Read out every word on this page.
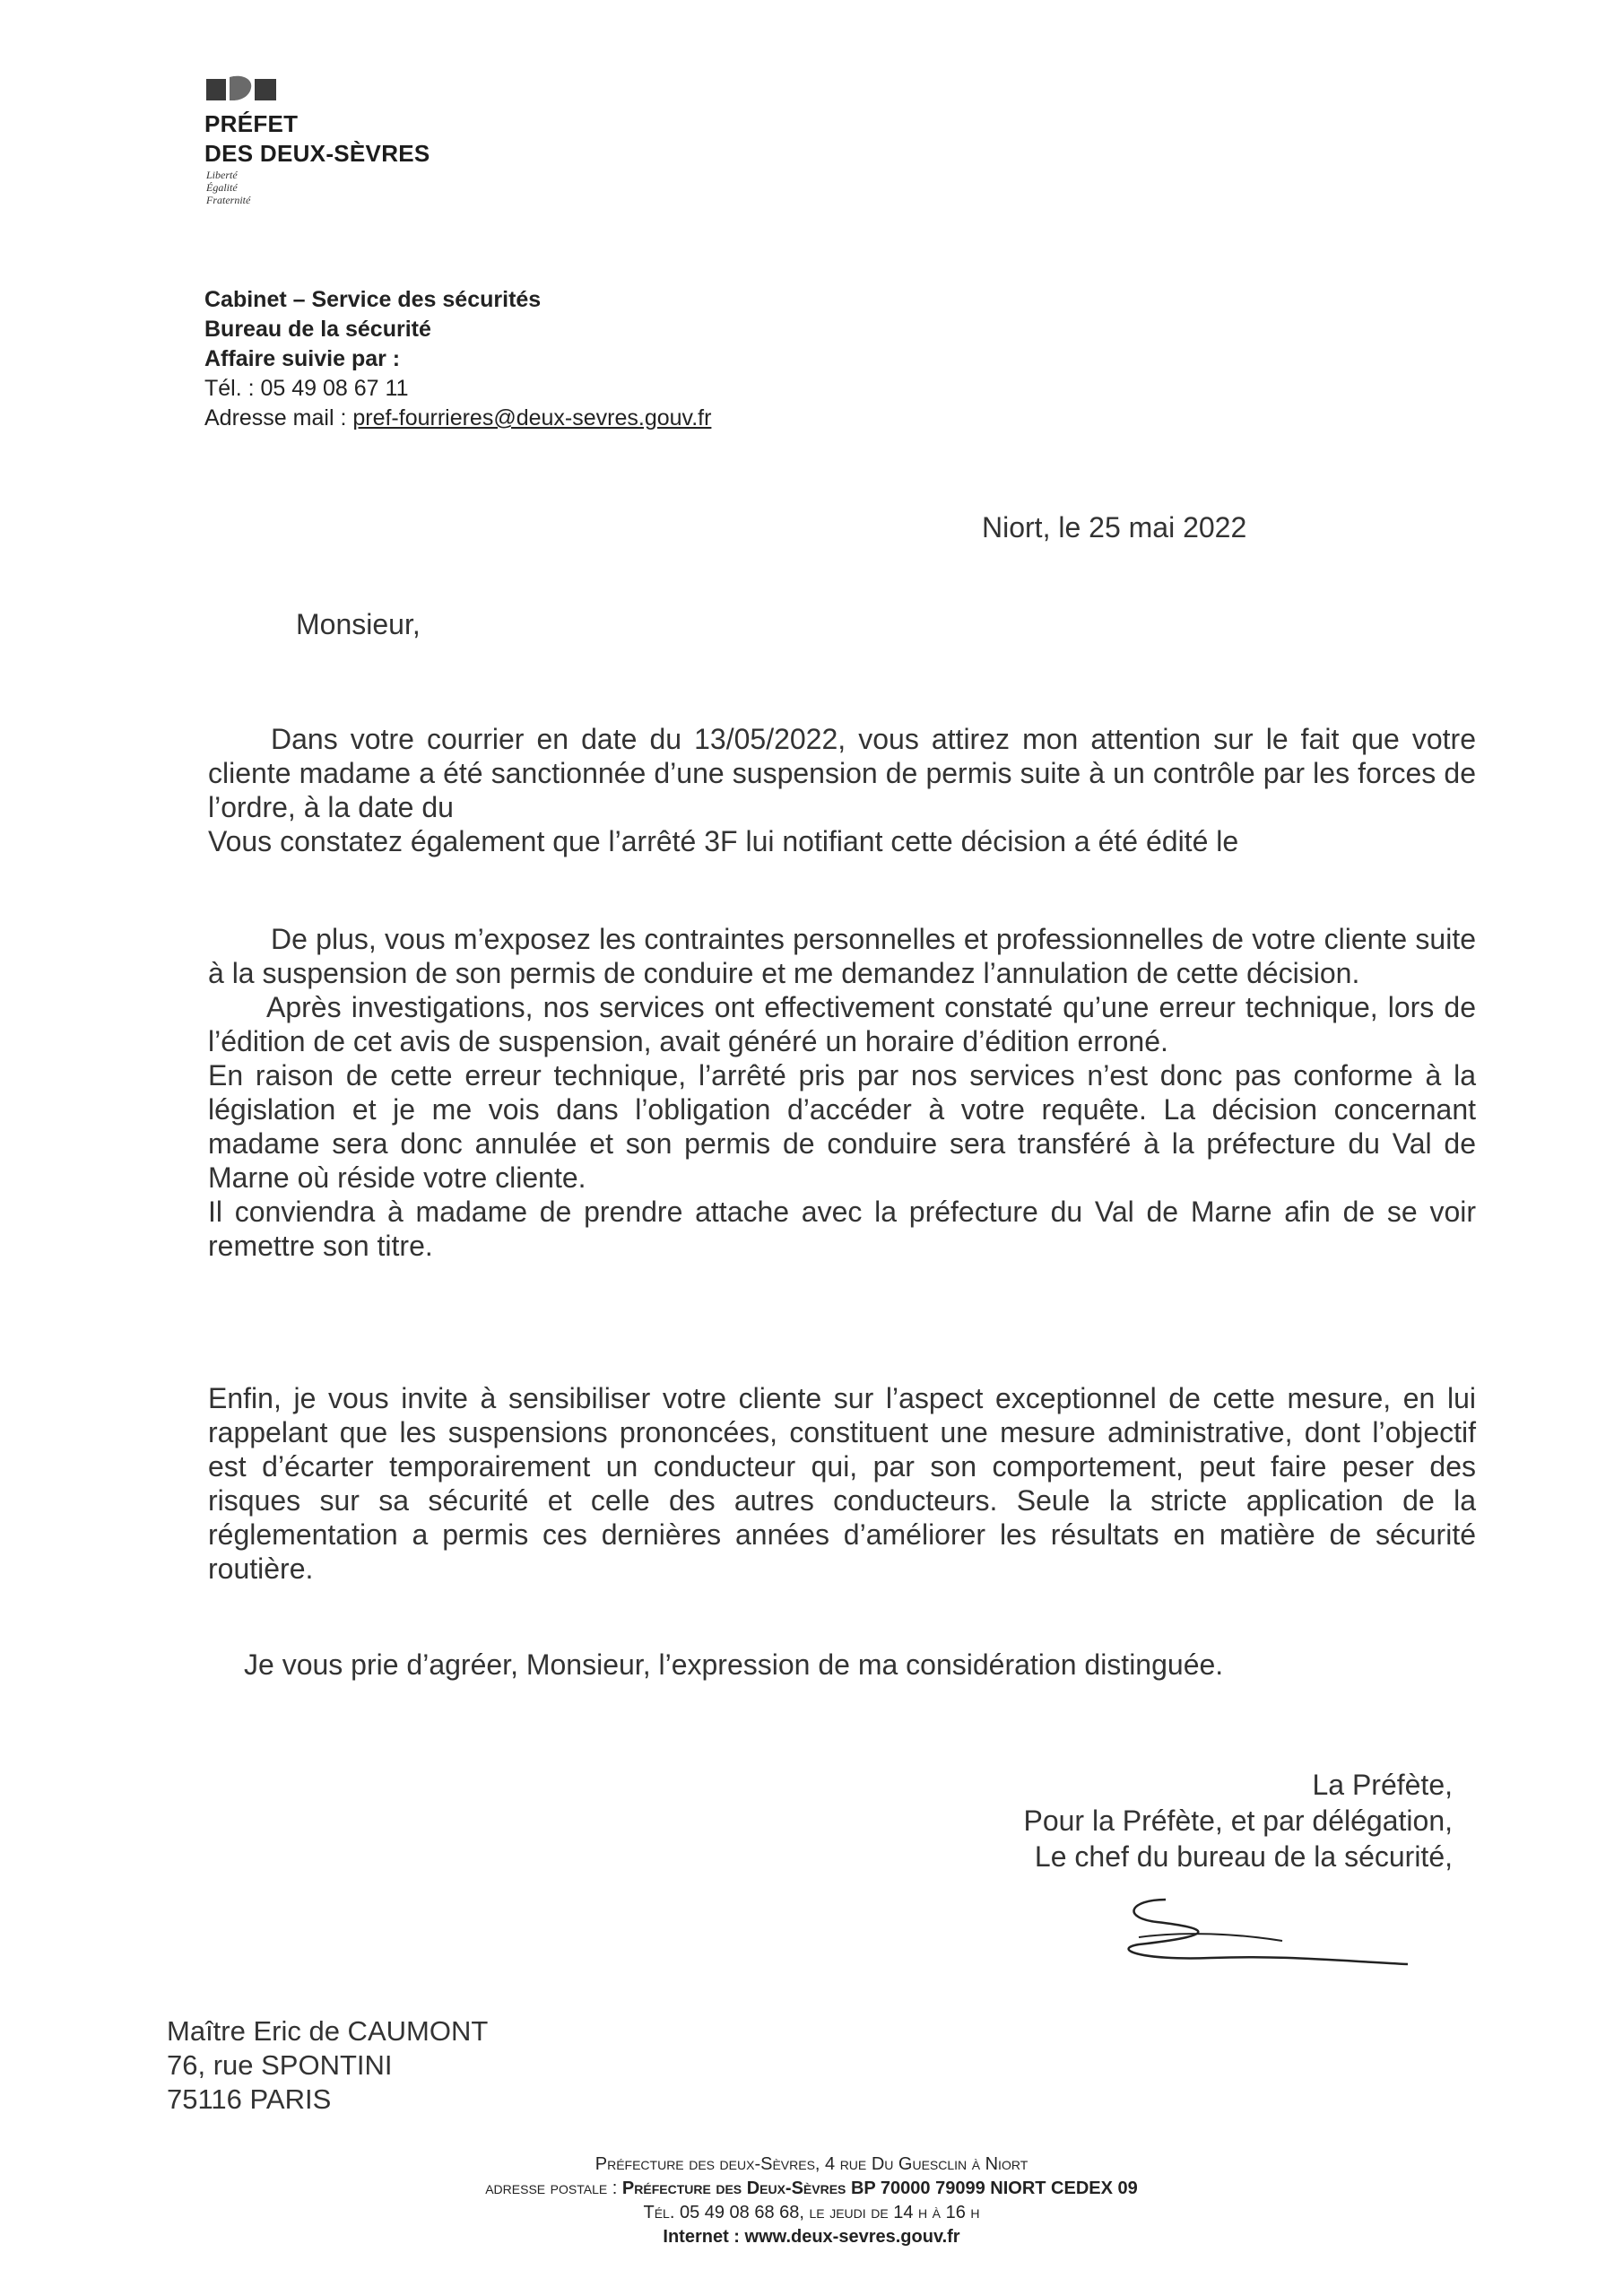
PRÉFET
DES DEUX-SÈVRES
Liberté
Égalité
Fraternité
Cabinet – Service des sécurités
Bureau de la sécurité
Affaire suivie par :
Tél. : 05 49 08 67 11
Adresse mail : pref-fourrieres@deux-sevres.gouv.fr
Niort, le 25 mai 2022
Monsieur,

Dans votre courrier en date du 13/05/2022, vous attirez mon attention sur le fait que votre cliente madame a été sanctionnée d’une suspension de permis suite à un contrôle par les forces de l’ordre, à la date du

Vous constatez également que l’arrêté 3F lui notifiant cette décision a été édité le

De plus, vous m’exposez les contraintes personnelles et professionnelles de votre cliente suite à la suspension de son permis de conduire et me demandez l’annulation de cette décision.

Après investigations, nos services ont effectivement constaté qu’une erreur technique, lors de l’édition de cet avis de suspension, avait généré un horaire d’édition erroné.

En raison de cette erreur technique, l’arrêté pris par nos services n’est donc pas conforme à la législation et je me vois dans l’obligation d’accéder à votre requête. La décision concernant madame sera donc annulée et son permis de conduire sera transféré à la préfecture du Val de Marne où réside votre cliente.

Il conviendra à madame de prendre attache avec la préfecture du Val de Marne afin de se voir remettre son titre.

Enfin, je vous invite à sensibiliser votre cliente sur l’aspect exceptionnel de cette mesure, en lui rappelant que les suspensions prononcées, constituent une mesure administrative, dont l’objectif est d’écarter temporairement un conducteur qui, par son comportement, peut faire peser des risques sur sa sécurité et celle des autres conducteurs. Seule la stricte application de la réglementation a permis ces dernières années d’améliorer les résultats en matière de sécurité routière.

Je vous prie d’agréer, Monsieur, l’expression de ma considération distinguée.
La Préfète,
Pour la Préfète, et par délégation,
Le chef du bureau de la sécurité,
Maître Eric de CAUMONT
76, rue SPONTINI
75116 PARIS
Préfecture des deux-Sèvres, 4 rue Du Guesclin à Niort
adresse postale : Préfecture des Deux-Sèvres BP 70000 79099 NIORT CEDEX 09
Tél. 05 49 08 68 68, le jeudi de 14 h à 16 h
Internet : www.deux-sevres.gouv.fr
